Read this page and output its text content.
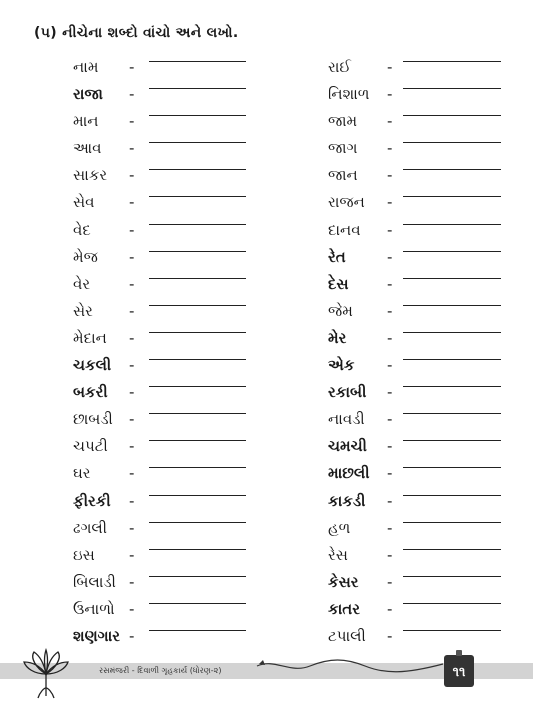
(૫) નીચેના શબ્દો વાંચો અને લખો.
નામ -
રાજા -
માન -
આવ -
સાકર -
સેવ -
વેદ	-
મેજ -
વેર	-
સેર -
મેદાન -
ચકલી -
બકરી -
છાબડી -
ચપટી -
ઘર	-
ફીરકી -
ઢગલી -
ઇસ -
બિલાડી -
ઉનાળો -
શણગાર -
રાઈ -
નિશાળ -
જામ -
જાગ -
જાન -
રાજન -
દાનવ -
રેત	-
દેસ	-
જેમ -
મેર	-
એક -
રકાબી -
નાવડી -
ચમચી -
માછલી -
કાકડી -
હળ -
રેસ	-
કેસર -
કાતર -
ટપાલી -
રસમંજરી - દિવાળી ગૃહકાર્ય (ધોરણ-૨)	૧૧
